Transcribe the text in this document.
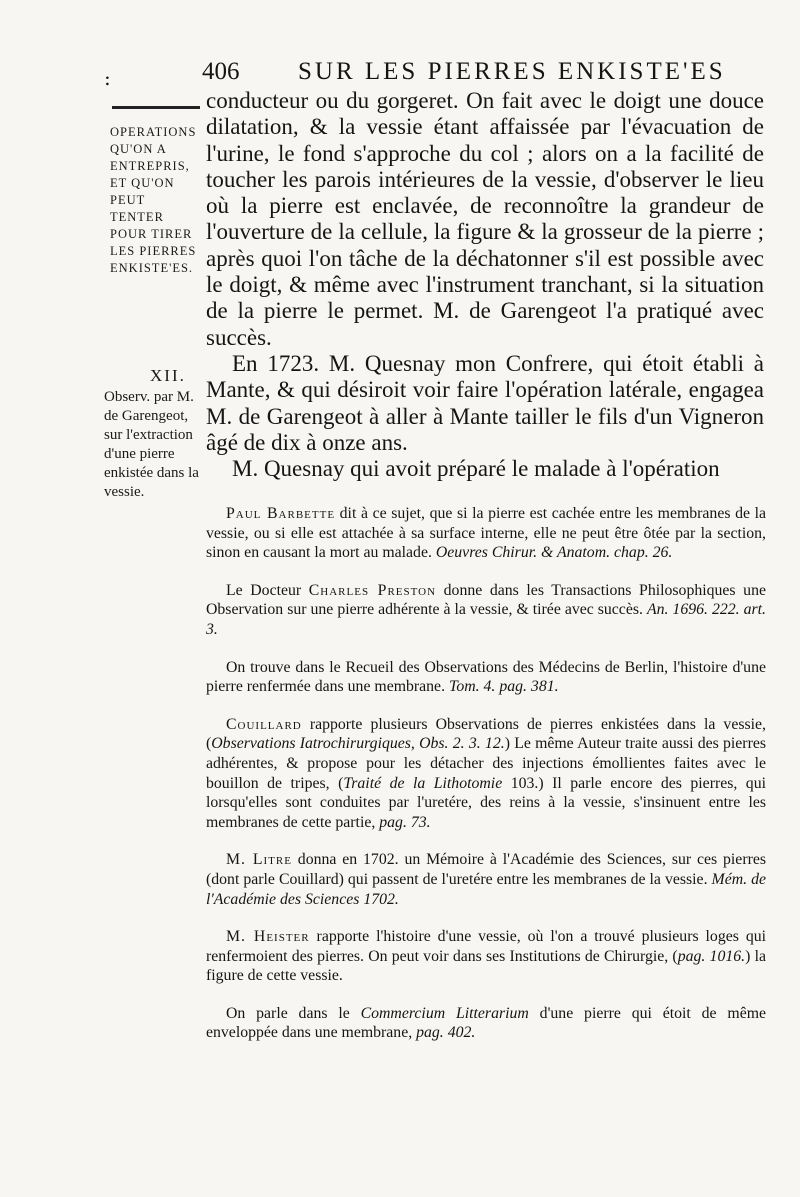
406 SUR LES PIERRES ENKISTE'ES
:
OPERATIONS QU'ON A ENTREPRIS, ET QU'ON PEUT TENTER POUR TIRER LES PIERRES ENKISTE'ES.
XII.
Observ. par M. de Garengeot, sur l'extraction d'une pierre enkistée dans la vessie.

conducteur ou du gorgeret. On fait avec le doigt une douce dilatation, & la vessie étant affaissée par l'évacuation de l'urine, le fond s'approche du col ; alors on a la facilité de toucher les parois intérieures de la vessie, d'observer le lieu où la pierre est enclavée, de reconnoître la grandeur de l'ouverture de la cellule, la figure & la grosseur de la pierre ; après quoi l'on tâche de la déchatonner s'il est possible avec le doigt, & même avec l'instrument tranchant, si la situation de la pierre le permet. M. de Garengeot l'a pratiqué avec succès.

En 1723. M. Quesnay mon Confrere, qui étoit établi à Mante, & qui désiroit voir faire l'opération latérale, engagea M. de Garengeot à aller à Mante tailler le fils d'un Vigneron âgé de dix à onze ans.

M. Quesnay qui avoit préparé le malade à l'opération

Paul Barbette dit à ce sujet, que si la pierre est cachée entre les membranes de la vessie, ou si elle est attachée à sa surface interne, elle ne peut être ôtée par la section, sinon en causant la mort au malade. Oeuvres Chirur. & Anatom. chap. 26.

Le Docteur Charles Preston donne dans les Transactions Philosophiques une Observation sur une pierre adhérente à la vessie, & tirée avec succès. An. 1696. 222. art. 3.

On trouve dans le Recueil des Observations des Médecins de Berlin, l'histoire d'une pierre renfermée dans une membrane. Tom. 4. pag. 381.

Couillard rapporte plusieurs Observations de pierres enkistées dans la vessie, (Observations Iatrochirurgiques, Obs. 2. 3. 12.) Le même Auteur traite aussi des pierres adhérentes, & propose pour les détacher des injections émollientes faites avec le bouillon de tripes, (Traité de la Lithotomie 103.) Il parle encore des pierres, qui lorsqu'elles sont conduites par l'uretére, des reins à la vessie, s'insinuent entre les membranes de cette partie, pag. 73.

M. Litre donna en 1702. un Mémoire à l'Académie des Sciences, sur ces pierres (dont parle Couillard) qui passent de l'uretére entre les membranes de la vessie. Mém. de l'Académie des Sciences 1702.

M. Heister rapporte l'histoire d'une vessie, où l'on a trouvé plusieurs loges qui renfermoient des pierres. On peut voir dans ses Institutions de Chirurgie, (pag. 1016.) la figure de cette vessie.

On parle dans le Commercium Litterarium d'une pierre qui étoit de même enveloppée dans une membrane, pag. 402.
